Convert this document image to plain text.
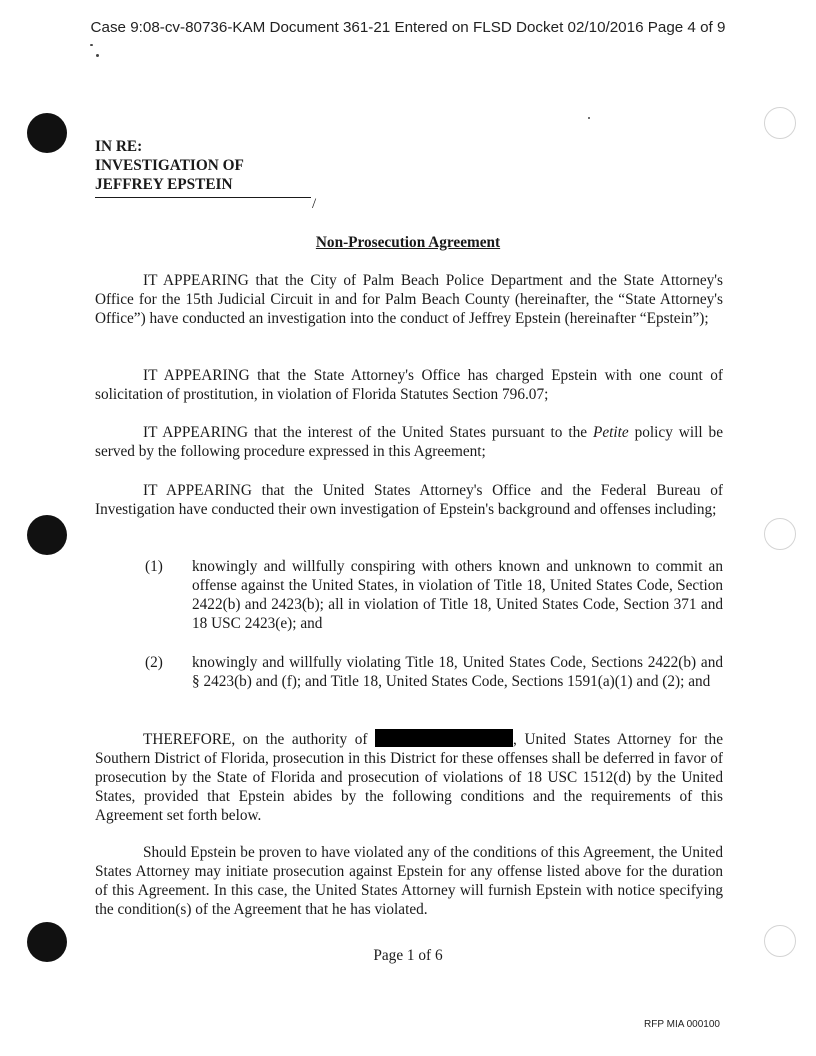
Case 9:08-cv-80736-KAM Document 361-21 Entered on FLSD Docket 02/10/2016 Page 4 of 9
IN RE:
INVESTIGATION OF
JEFFREY EPSTEIN
/
Non-Prosecution Agreement

IT APPEARING that the City of Palm Beach Police Department and the State Attorney's Office for the 15th Judicial Circuit in and for Palm Beach County (hereinafter, the “State Attorney's Office”) have conducted an investigation into the conduct of Jeffrey Epstein (hereinafter “Epstein”);

IT APPEARING that the State Attorney's Office has charged Epstein with one count of solicitation of prostitution, in violation of Florida Statutes Section 796.07;

IT APPEARING that the interest of the United States pursuant to the Petite policy will be served by the following procedure expressed in this Agreement;

IT APPEARING that the United States Attorney's Office and the Federal Bureau of Investigation have conducted their own investigation of Epstein's background and offenses including;

(1)	knowingly and willfully conspiring with others known and unknown to commit an offense against the United States, in violation of Title 18, United States Code, Section 2422(b) and 2423(b); all in violation of Title 18, United States Code, Section 371 and 18 USC 2423(e); and

(2)	knowingly and willfully violating Title 18, United States Code, Sections 2422(b) and § 2423(b) and (f); and Title 18, United States Code, Sections 1591(a)(1) and (2); and

THEREFORE, on the authority of	, United States Attorney for the Southern District of Florida, prosecution in this District for these offenses shall be deferred in favor of prosecution by the State of Florida and prosecution of violations of 18 USC 1512(d) by the United States, provided that Epstein abides by the following conditions and the requirements of this Agreement set forth below.

Should Epstein be proven to have violated any of the conditions of this Agreement, the United States Attorney may initiate prosecution against Epstein for any offense listed above for the duration of this Agreement. In this case, the United States Attorney will furnish Epstein with notice specifying the condition(s) of the Agreement that he has violated.

Page 1 of 6
RFP MIA 000100
